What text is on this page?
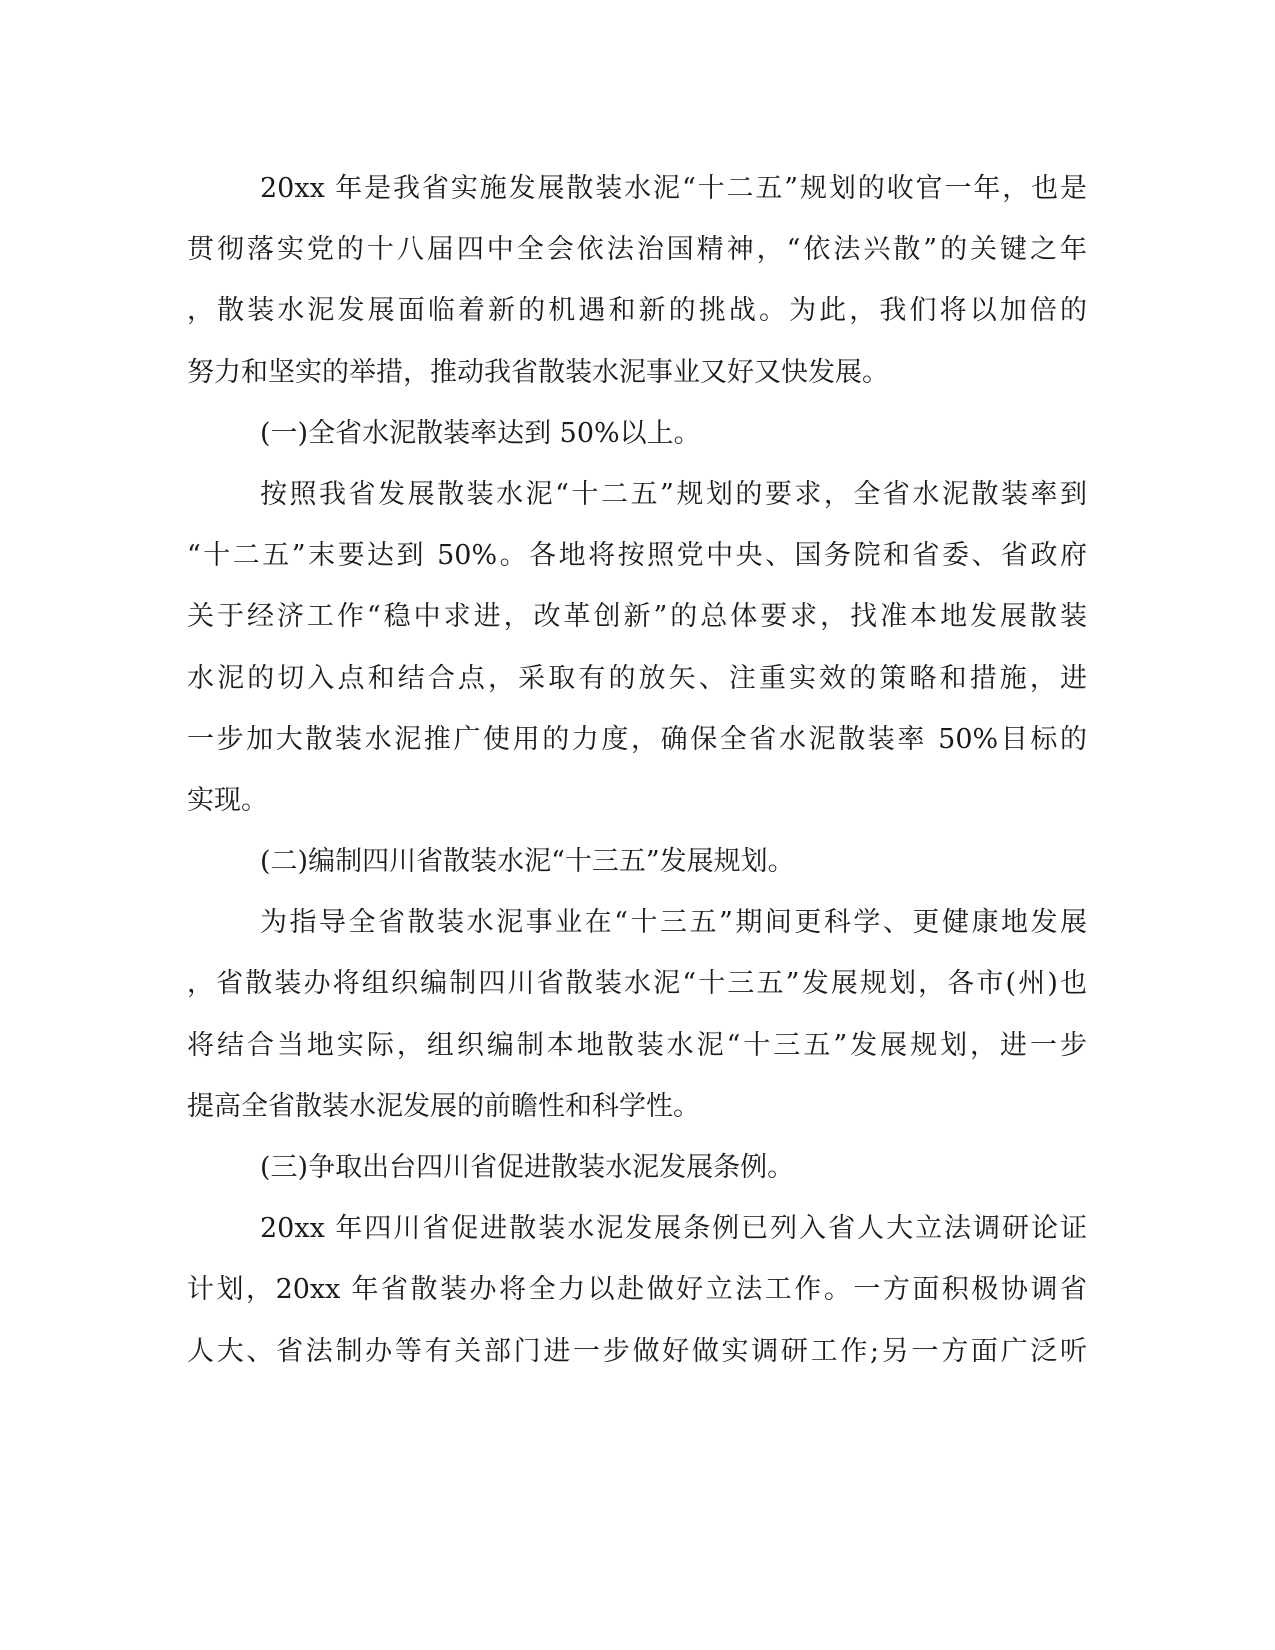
20xx 年是我省实施发展散装水泥“十二五”规划的收官一年，也是
贯彻落实党的十八届四中全会依法治国精神，“依法兴散”的关键之年
，散装水泥发展面临着新的机遇和新的挑战。为此，我们将以加倍的
努力和坚实的举措，推动我省散装水泥事业又好又快发展。
(一)全省水泥散装率达到 50%以上。
按照我省发展散装水泥“十二五”规划的要求，全省水泥散装率到
“十二五”末要达到 50%。各地将按照党中央、国务院和省委、省政府
关于经济工作“稳中求进，改革创新”的总体要求，找准本地发展散装
水泥的切入点和结合点，采取有的放矢、注重实效的策略和措施，进
一步加大散装水泥推广使用的力度，确保全省水泥散装率 50%目标的
实现。
(二)编制四川省散装水泥“十三五”发展规划。
为指导全省散装水泥事业在“十三五”期间更科学、更健康地发展
，省散装办将组织编制四川省散装水泥“十三五”发展规划，各市(州)也
将结合当地实际，组织编制本地散装水泥“十三五”发展规划，进一步
提高全省散装水泥发展的前瞻性和科学性。
(三)争取出台四川省促进散装水泥发展条例。
20xx 年四川省促进散装水泥发展条例已列入省人大立法调研论证
计划，20xx 年省散装办将全力以赴做好立法工作。一方面积极协调省
人大、省法制办等有关部门进一步做好做实调研工作;另一方面广泛听
